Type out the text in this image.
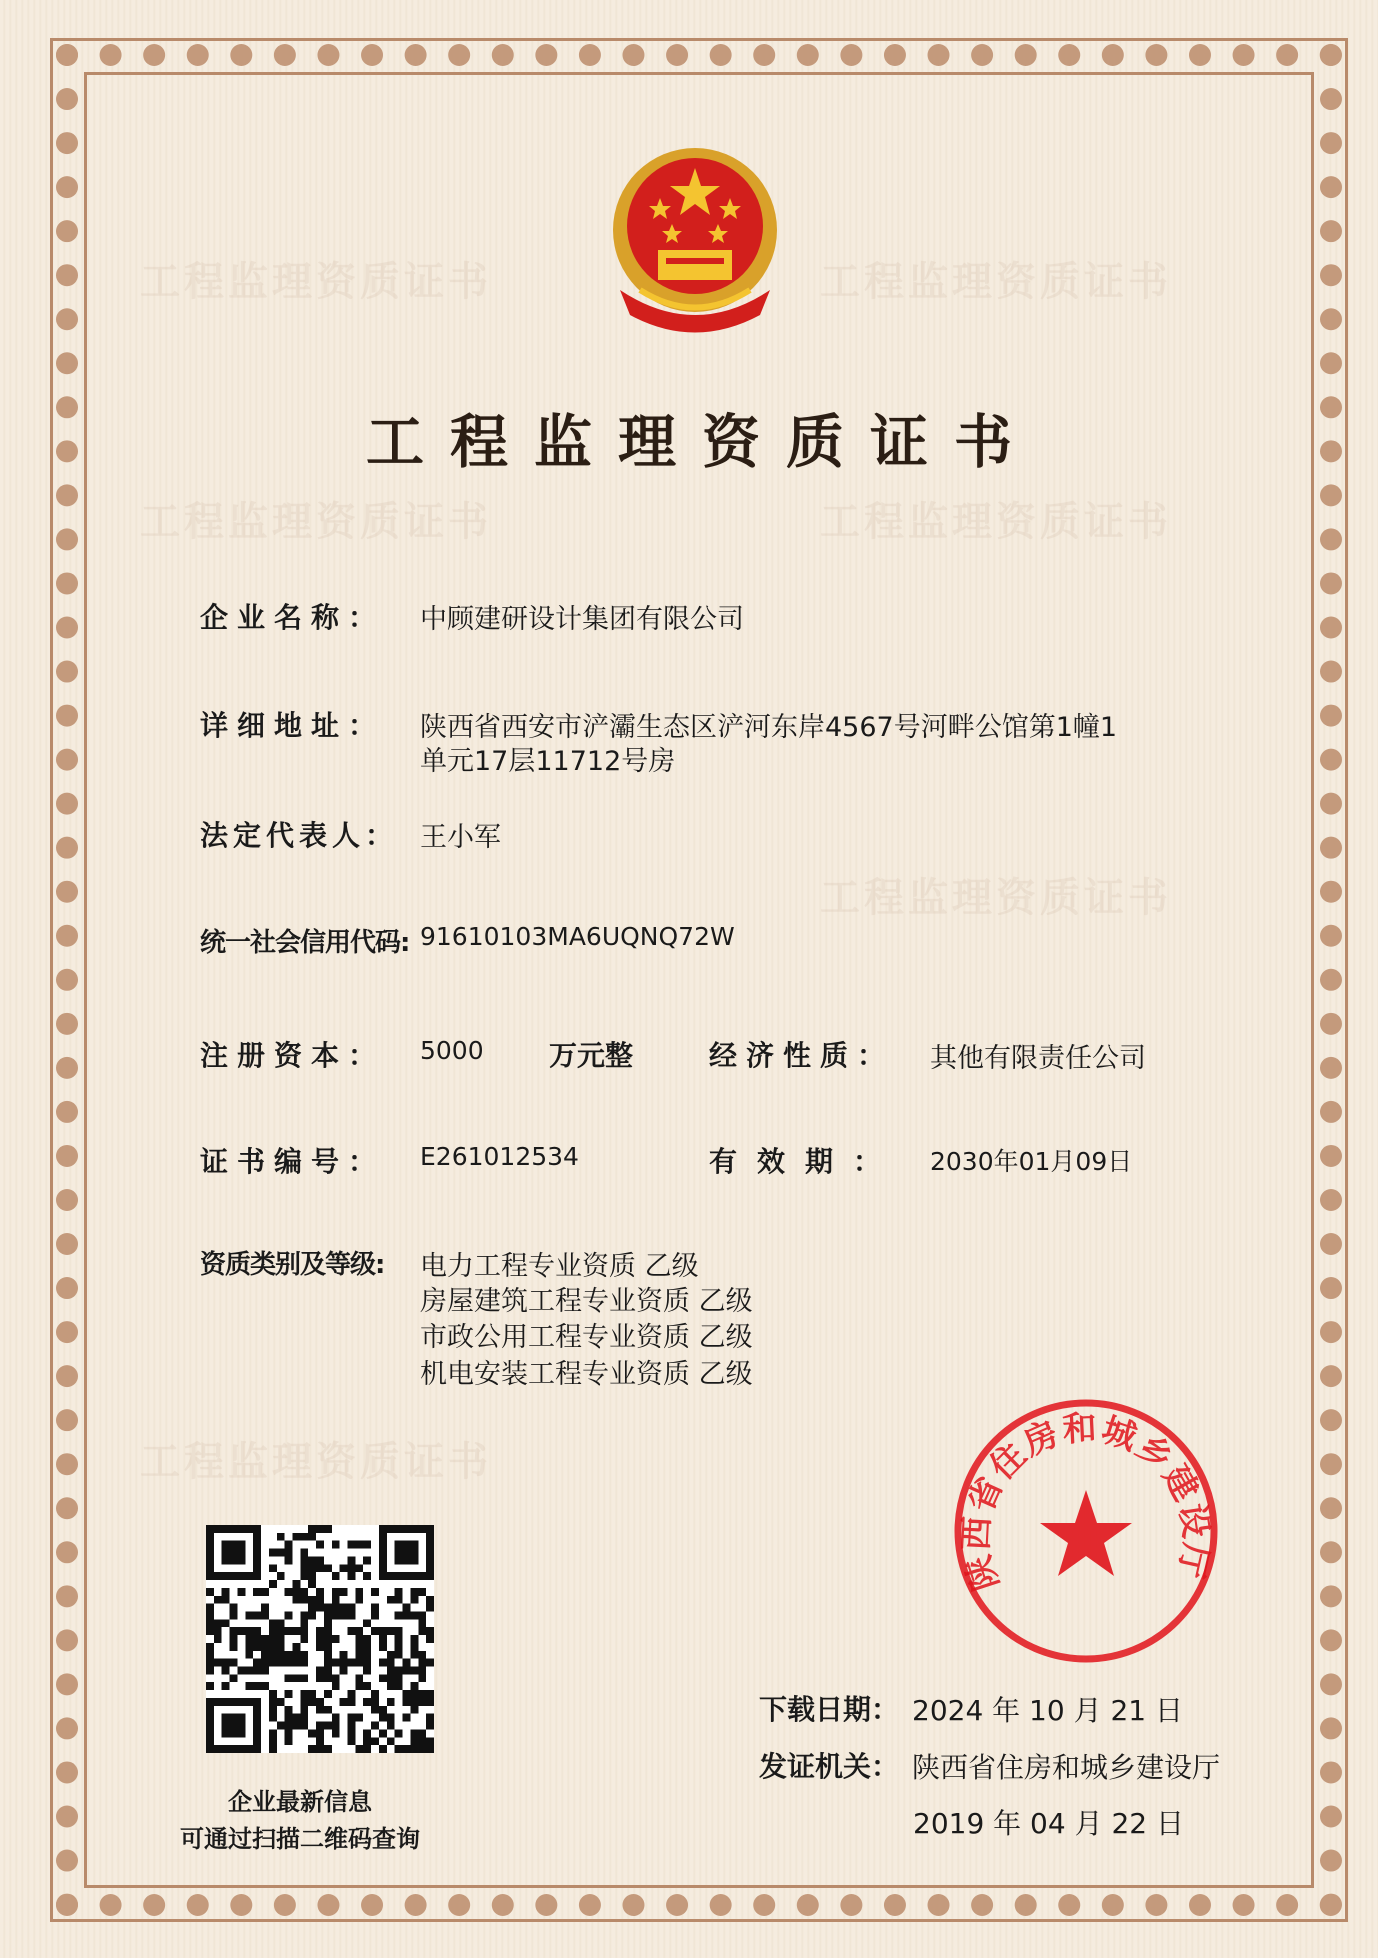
工程监理资质证书	工程监理资质证书
工程监理资质证书	工程监理资质证书
工程监理资质证书
工程监理资质证书
工程监理资质证书
企业名称： 中顾建研设计集团有限公司
详细地址： 陕西省西安市浐灞生态区浐河东岸4567号河畔公馆第1幢1
单元17层11712号房
法定代表人： 王小军
统一社会信用代码: 91610103MA6UQNQ72W
注册资本： 5000 万元整	经济性质： 其他有限责任公司
证书编号： E261012534	有效期： 2030年01月09日
资质类别及等级: 电力工程专业资质 乙级
房屋建筑工程专业资质 乙级
市政公用工程专业资质 乙级
机电安装工程专业资质 乙级
企业最新信息
可通过扫描二维码查询
陕西省住房和城乡建设厅
下载日期： 2024 年 10 月 21 日
发证机关： 陕西省住房和城乡建设厅
2019 年 04 月 22 日
